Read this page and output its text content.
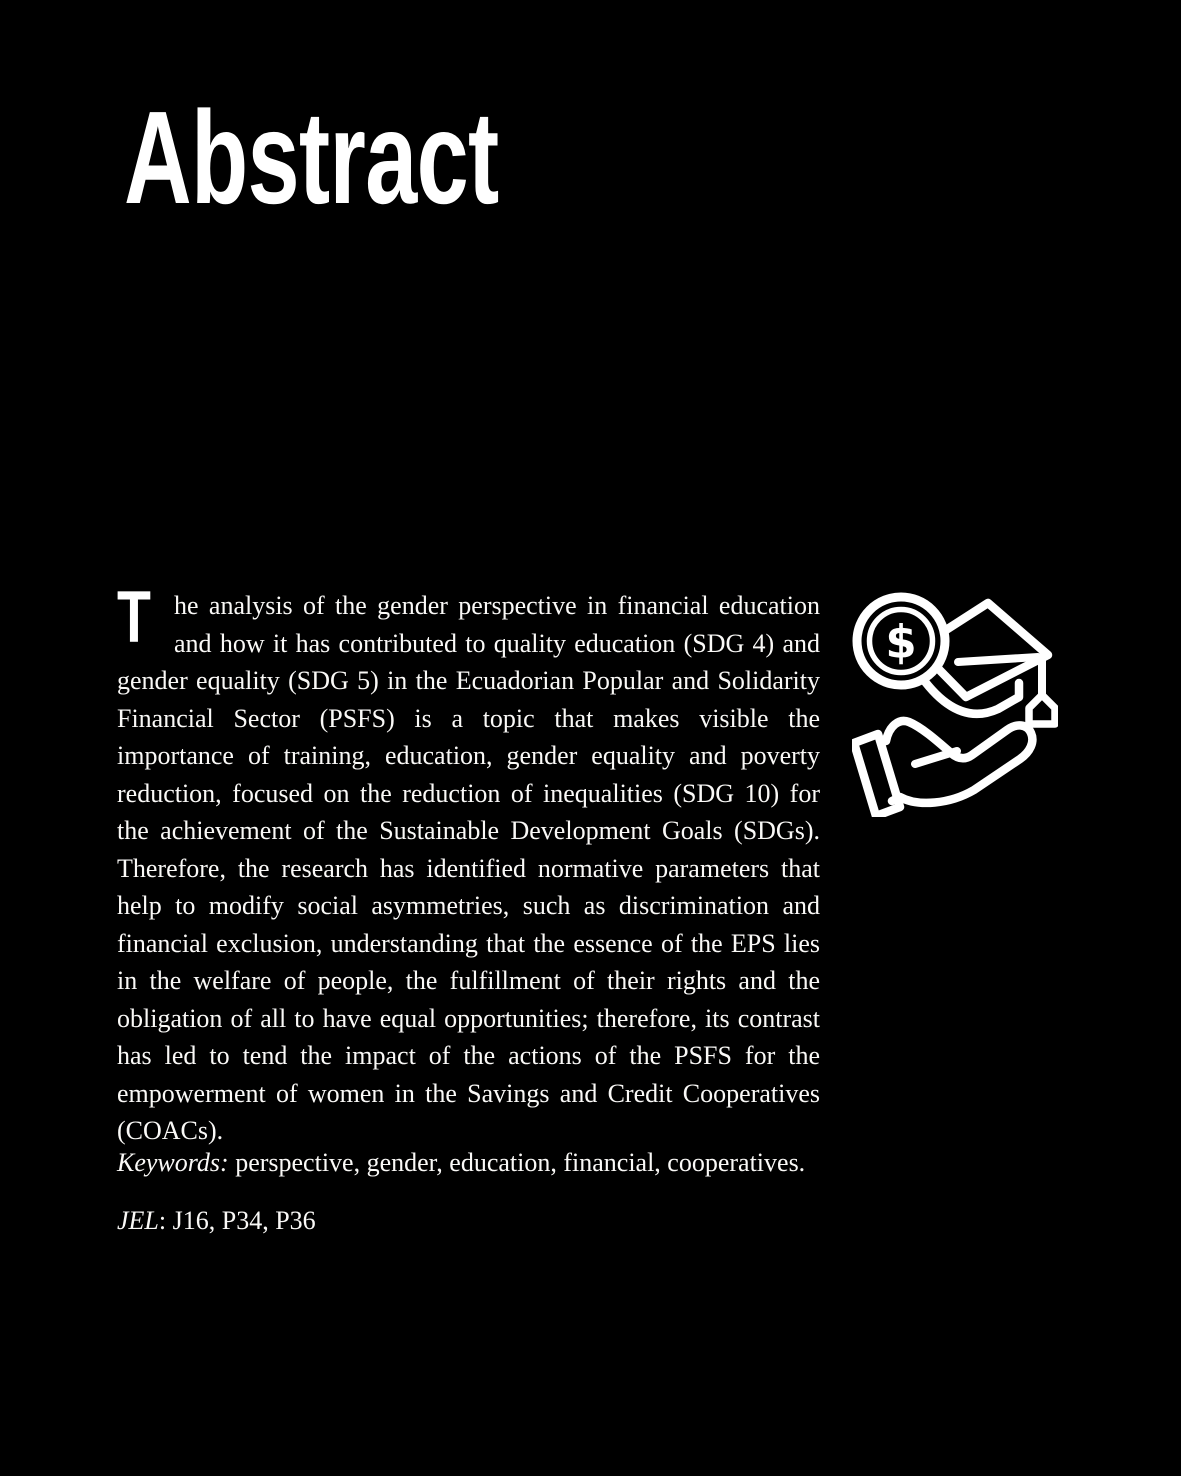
Abstract
$

The analysis of the gender perspective in financial education and how it has contributed to quality education (SDG 4) and gender equality (SDG 5) in the Ecuadorian Popular and Solidarity Financial Sector (PSFS) is a topic that makes visible the importance of training, education, gender equality and poverty reduction, focused on the reduction of inequalities (SDG 10) for the achievement of the Sustainable Development Goals (SDGs). Therefore, the research has identified normative parameters that help to modify social asymmetries, such as discrimination and financial exclusion, understanding that the essence of the EPS lies in the welfare of people, the fulfillment of their rights and the obligation of all to have equal opportunities; therefore, its contrast has led to tend the impact of the actions of the PSFS for the empowerment of women in the Savings and Credit Cooperatives (COACs).

Keywords: perspective, gender, education, financial, cooperatives.

JEL: J16, P34, P36
